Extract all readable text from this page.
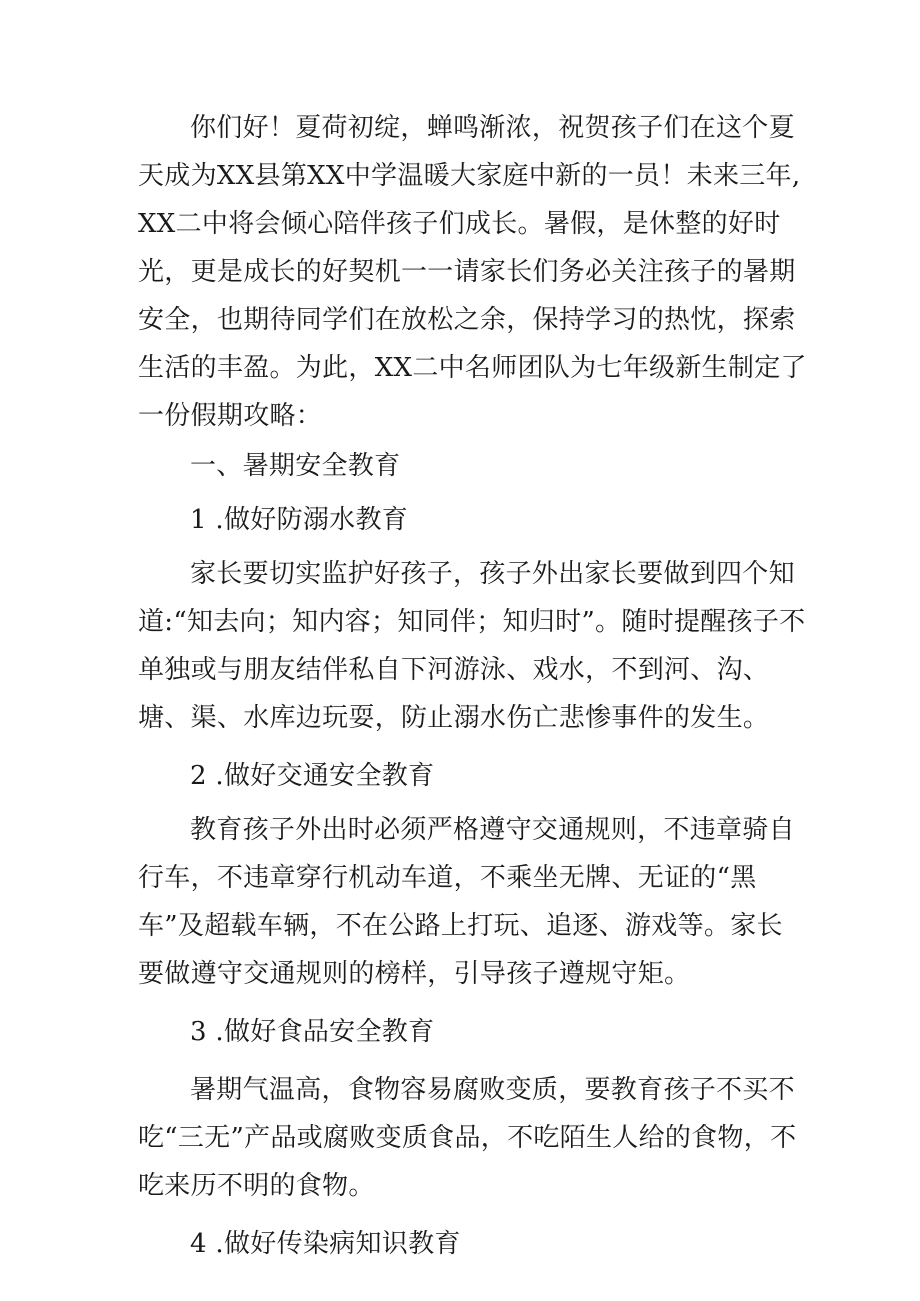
你们好！夏荷初绽，蝉鸣渐浓，祝贺孩子们在这个夏天成为XX县第XX中学温暖大家庭中新的一员！未来三年,XX二中将会倾心陪伴孩子们成长。暑假，是休整的好时光，更是成长的好契机一一请家长们务必关注孩子的暑期安全，也期待同学们在放松之余，保持学习的热忱，探索生活的丰盈。为此，XX二中名师团队为七年级新生制定了一份假期攻略：

一、暑期安全教育

1 .做好防溺水教育

家长要切实监护好孩子，孩子外出家长要做到四个知道:“知去向；知内容；知同伴；知归时”。随时提醒孩子不单独或与朋友结伴私自下河游泳、戏水，不到河、沟、塘、渠、水库边玩耍，防止溺水伤亡悲惨事件的发生。

2 .做好交通安全教育

教育孩子外出时必须严格遵守交通规则，不违章骑自行车，不违章穿行机动车道，不乘坐无牌、无证的“黑车”及超载车辆，不在公路上打玩、追逐、游戏等。家长要做遵守交通规则的榜样，引导孩子遵规守矩。

3 .做好食品安全教育

暑期气温高，食物容易腐败变质，要教育孩子不买不吃“三无”产品或腐败变质食品，不吃陌生人给的食物，不吃来历不明的食物。

4 .做好传染病知识教育
